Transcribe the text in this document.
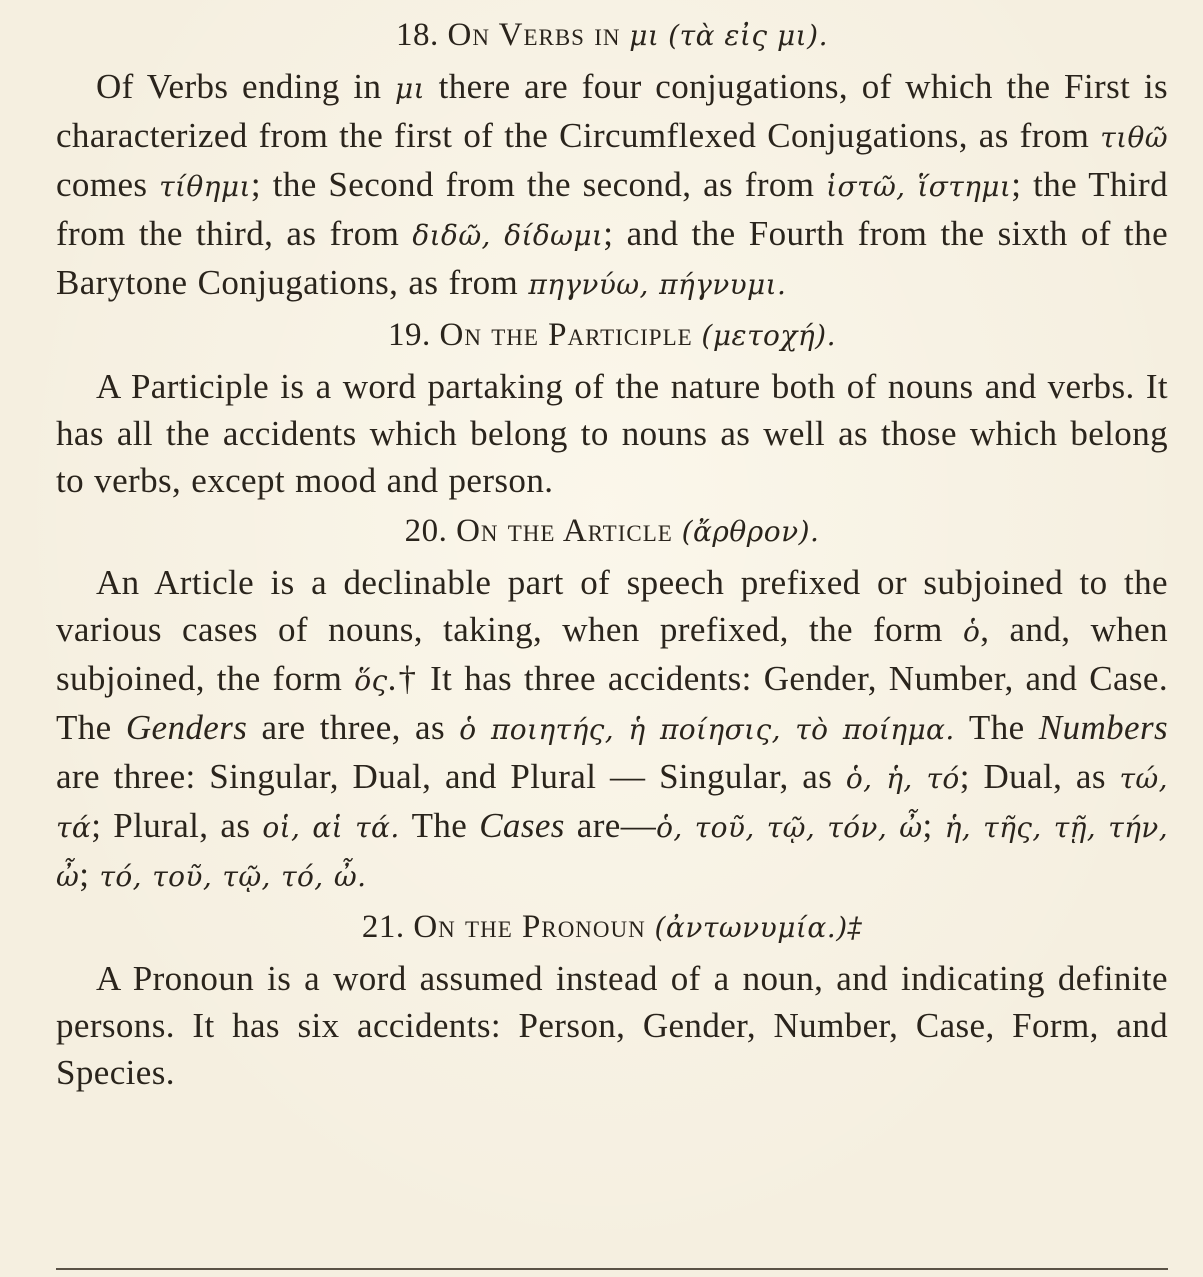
18. On Verbs in μι (τὰ εἰς μι).

Of Verbs ending in μι there are four conjugations, of which the First is characterized from the first of the Circumflexed Conjugations, as from τιθῶ comes τίθημι; the Second from the second, as from ἱστῶ, ἵστημι; the Third from the third, as from διδῶ, δίδωμι; and the Fourth from the sixth of the Barytone Conjugations, as from πηγνύω, πήγνυμι.

19. On the Participle (μετοχή).

A Participle is a word partaking of the nature both of nouns and verbs. It has all the accidents which belong to nouns as well as those which belong to verbs, except mood and person.

20. On the Article (ἄρθρον).

An Article is a declinable part of speech prefixed or subjoined to the various cases of nouns, taking, when prefixed, the form ὁ, and, when subjoined, the form ὅς.† It has three accidents: Gender, Number, and Case. The Genders are three, as ὁ ποιητής, ἡ ποίησις, τὸ ποίημα. The Numbers are three: Singular, Dual, and Plural — Singular, as ὁ, ἡ, τό; Dual, as τώ, τά; Plural, as οἱ, αἱ τά. The Cases are—ὁ, τοῦ, τῷ, τόν, ὦ; ἡ, τῆς, τῇ, τήν, ὦ; τό, τοῦ, τῷ, τό, ὦ.

21. On the Pronoun (ἀντωνυμία.)‡

A Pronoun is a word assumed instead of a noun, and indicating definite persons. It has six accidents: Person, Gender, Number, Case, Form, and Species.
